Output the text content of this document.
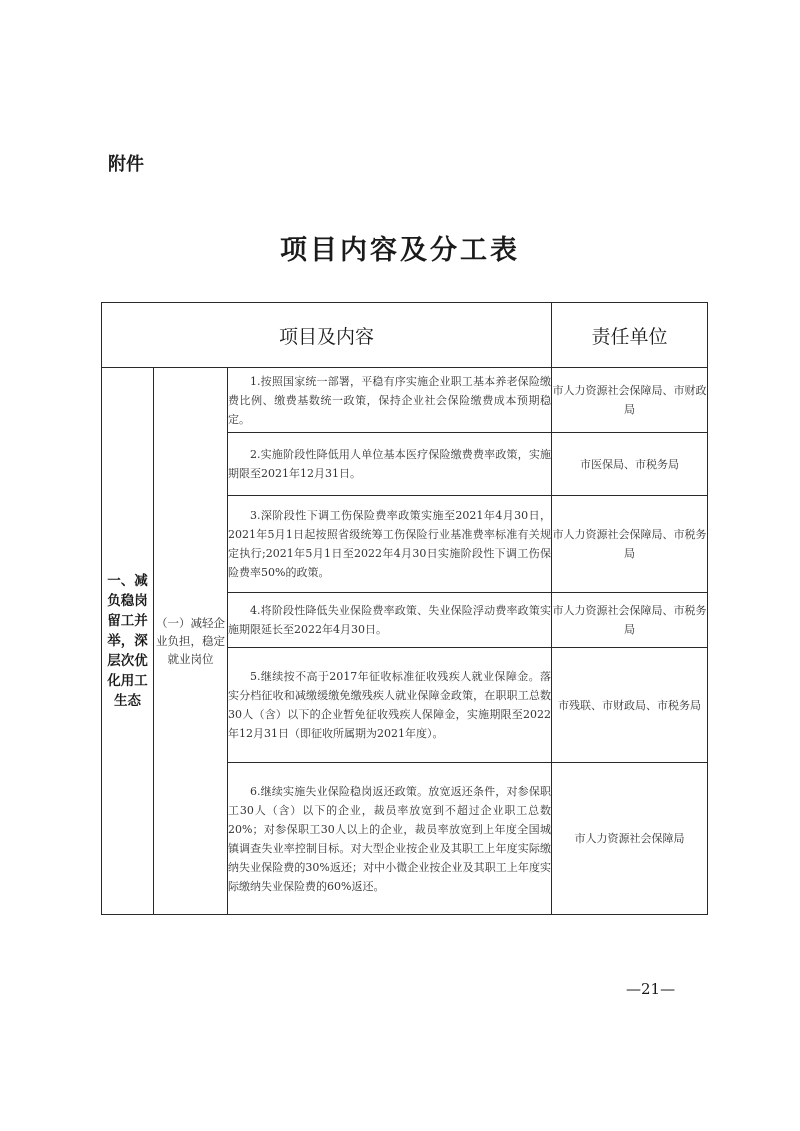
附件
项目内容及分工表
项目及内容			责任单位
一、减负稳岗留工并举，深层次优化用工生态	（一）减轻企业负担，稳定就业岗位	1.按照国家统一部署，平稳有序实施企业职工基本养老保险缴费比例、缴费基数统一政策，保持企业社会保险缴费成本预期稳定。	市人力资源社会保障局、市财政局
		2.实施阶段性降低用人单位基本医疗保险缴费费率政策，实施期限至2021年12月31日。	市医保局、市税务局
		3.深阶段性下调工伤保险费率政策实施至2021年4月30日，2021年5月1日起按照省级统筹工伤保险行业基准费率标准有关规定执行;2021年5月1日至2022年4月30日实施阶段性下调工伤保险费率50%的政策。	市人力资源社会保障局、市税务局
		4.将阶段性降低失业保险费率政策、失业保险浮动费率政策实施期限延长至2022年4月30日。	市人力资源社会保障局、市税务局
		5.继续按不高于2017年征收标准征收残疾人就业保障金。落实分档征收和减缴缓缴免缴残疾人就业保障金政策，在职职工总数30人（含）以下的企业暂免征收残疾人保障金，实施期限至2022年12月31日（即征收所属期为2021年度）。	市残联、市财政局、市税务局
		6.继续实施失业保险稳岗返还政策。放宽返还条件，对参保职工30人（含）以下的企业，裁员率放宽到不超过企业职工总数20%；对参保职工30人以上的企业，裁员率放宽到上年度全国城镇调查失业率控制目标。对大型企业按企业及其职工上年度实际缴纳失业保险费的30%返还；对中小微企业按企业及其职工上年度实际缴纳失业保险费的60%返还。	市人力资源社会保障局
—21—
